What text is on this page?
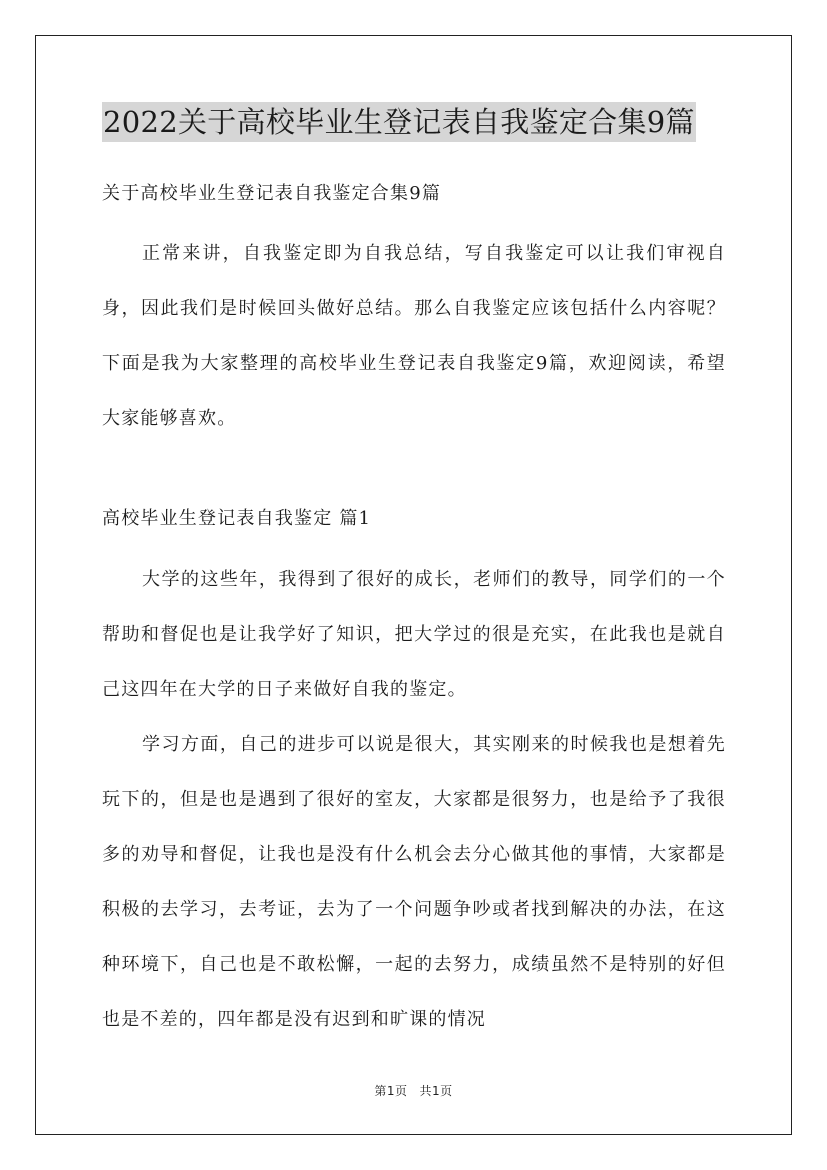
2022关于高校毕业生登记表自我鉴定合集9篇
关于高校毕业生登记表自我鉴定合集9篇

正常来讲，自我鉴定即为自我总结，写自我鉴定可以让我们审视自身，因此我们是时候回头做好总结。那么自我鉴定应该包括什么内容呢？下面是我为大家整理的高校毕业生登记表自我鉴定9篇，欢迎阅读，希望大家能够喜欢。

高校毕业生登记表自我鉴定 篇1

大学的这些年，我得到了很好的成长，老师们的教导，同学们的一个帮助和督促也是让我学好了知识，把大学过的很是充实，在此我也是就自己这四年在大学的日子来做好自我的鉴定。

学习方面，自己的进步可以说是很大，其实刚来的时候我也是想着先玩下的，但是也是遇到了很好的室友，大家都是很努力，也是给予了我很多的劝导和督促，让我也是没有什么机会去分心做其他的事情，大家都是积极的去学习，去考证，去为了一个问题争吵或者找到解决的办法，在这种环境下，自己也是不敢松懈，一起的去努力，成绩虽然不是特别的好但也是不差的，四年都是没有迟到和旷课的情况

第1页 共1页
